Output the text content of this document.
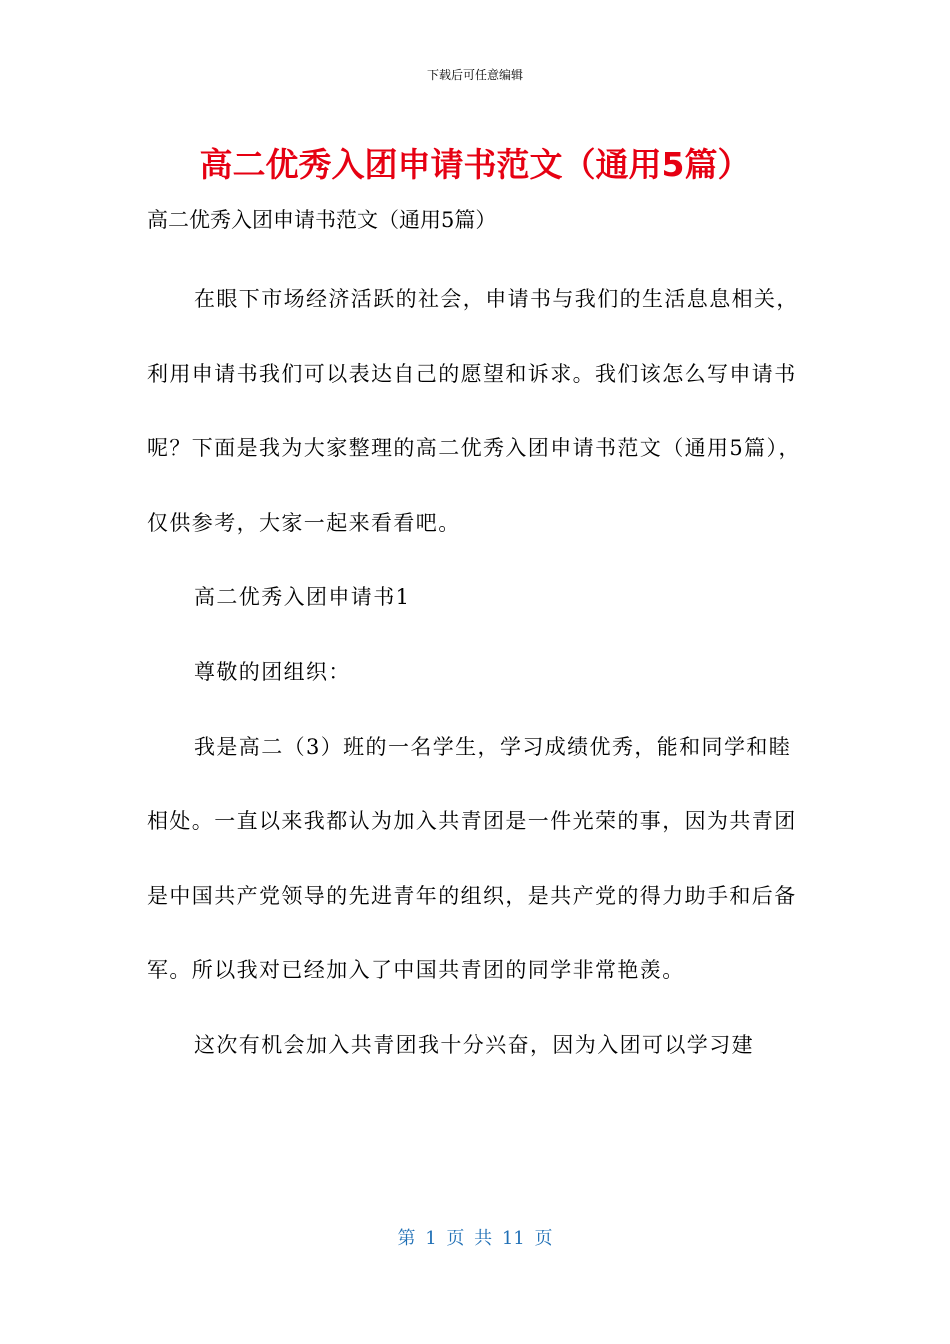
下载后可任意编辑
高二优秀入团申请书范文（通用5篇）
高二优秀入团申请书范文（通用5篇）

在眼下市场经济活跃的社会，申请书与我们的生活息息相关，利用申请书我们可以表达自己的愿望和诉求。我们该怎么写申请书呢？下面是我为大家整理的高二优秀入团申请书范文（通用5篇），仅供参考，大家一起来看看吧。

高二优秀入团申请书1

尊敬的团组织：

我是高二（3）班的一名学生，学习成绩优秀，能和同学和睦相处。一直以来我都认为加入共青团是一件光荣的事，因为共青团是中国共产党领导的先进青年的组织，是共产党的得力助手和后备军。所以我对已经加入了中国共青团的同学非常艳羡。

这次有机会加入共青团我十分兴奋，因为入团可以学习建

第 1 页 共 11 页
